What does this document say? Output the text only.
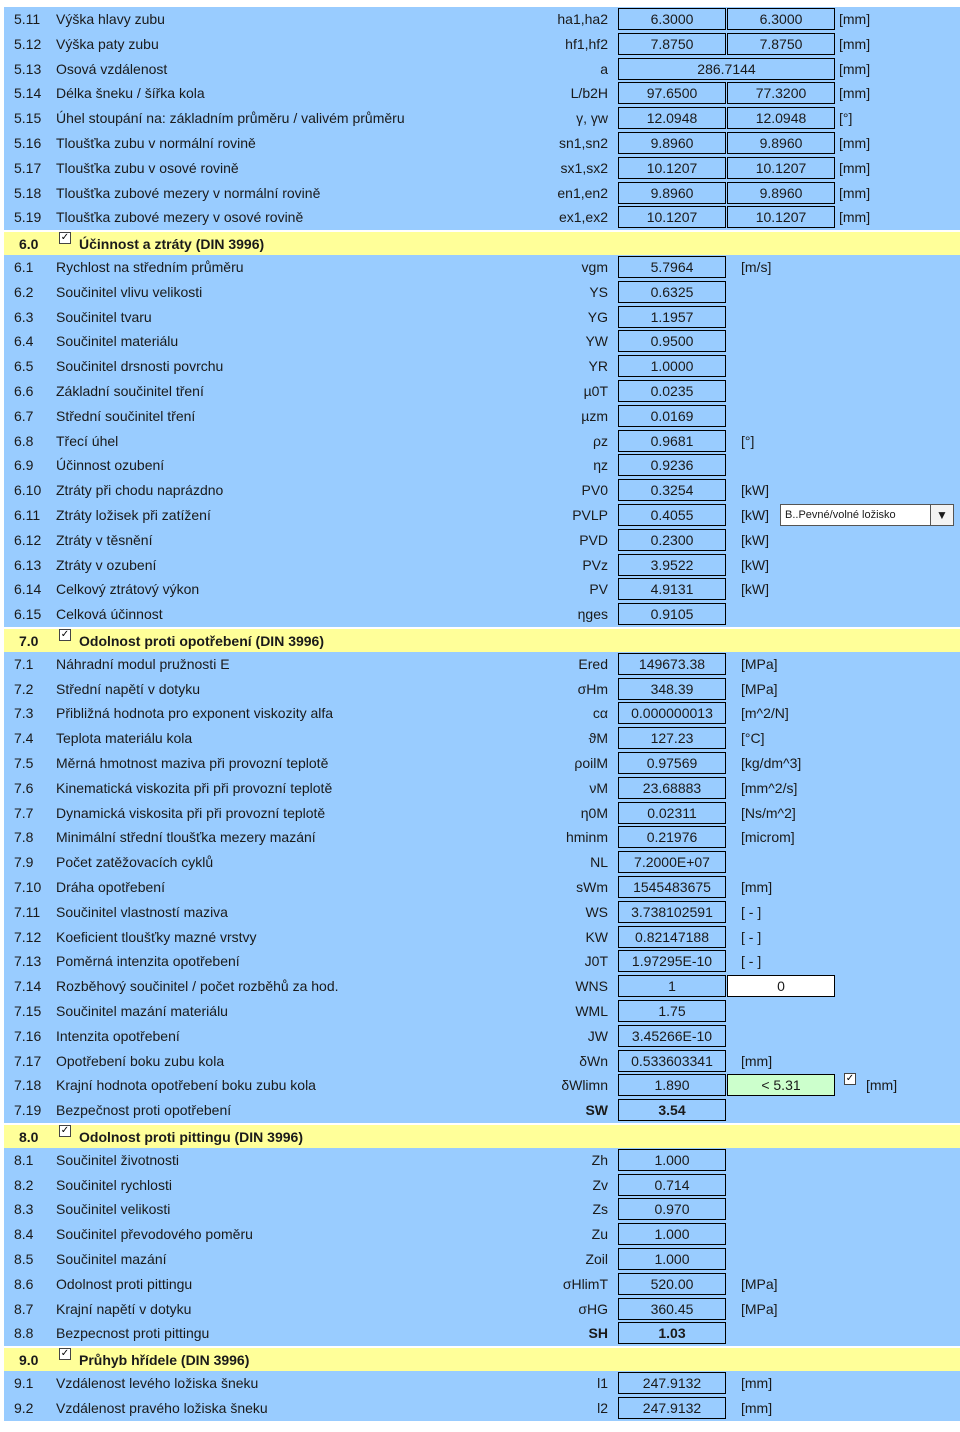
5.11	Výška hlavy zubu	ha1,ha2	6.3000	6.3000	[mm]
5.12	Výška paty zubu	hf1,hf2	7.8750	7.8750	[mm]
5.13	Osová vzdálenost	a	286.7144	[mm]
5.14	Délka šneku / šířka kola	L/b2H	97.6500	77.3200	[mm]
5.15	Úhel stoupání na: základním průměru / valivém průměru	γ, γw	12.0948	12.0948	[°]
5.16	Tloušťka zubu v normální rovině	sn1,sn2	9.8960	9.8960	[mm]
5.17	Tloušťka zubu v osové rovině	sx1,sx2	10.1207	10.1207	[mm]
5.18	Tloušťka zubové mezery v normální rovině	en1,en2	9.8960	9.8960	[mm]
5.19	Tloušťka zubové mezery v osové rovině	ex1,ex2	10.1207	10.1207	[mm]
6.0	✓ Účinnost a ztráty (DIN 3996)
6.1	Rychlost na středním průměru	vgm	5.7964	[m/s]
6.2	Součinitel vlivu velikosti	YS	0.6325
6.3	Součinitel tvaru	YG	1.1957
6.4	Součinitel materiálu	YW	0.9500
6.5	Součinitel drsnosti povrchu	YR	1.0000
6.6	Základní součinitel tření	µ0T	0.0235
6.7	Střední součinitel tření	µzm	0.0169
6.8	Třecí úhel	ρz	0.9681	[°]
6.9	Účinnost ozubení	ηz	0.9236
6.10	Ztráty při chodu naprázdno	PV0	0.3254	[kW]
6.11	Ztráty ložisek při zatížení	PVLP	0.4055	[kW]	B..Pevné/volné ložisko	▼
6.12	Ztráty v těsnění	PVD	0.2300	[kW]
6.13	Ztráty v ozubení	PVz	3.9522	[kW]
6.14	Celkový ztrátový výkon	PV	4.9131	[kW]
6.15	Celková účinnost	ηges	0.9105
7.0	✓ Odolnost proti opotřebení (DIN 3996)
7.1	Náhradní modul pružnosti E	Ered	149673.38	[MPa]
7.2	Střední napětí v dotyku	σHm	348.39	[MPa]
7.3	Přibližná hodnota pro exponent viskozity alfa	cα	0.000000013	[m^2/N]
7.4	Teplota materiálu kola	ϑM	127.23	[°C]
7.5	Měrná hmotnost maziva při provozní teplotě	ρoilM	0.97569	[kg/dm^3]
7.6	Kinematická viskozita při při provozní teplotě	νM	23.68883	[mm^2/s]
7.7	Dynamická viskosita při při provozní teplotě	η0M	0.02311	[Ns/m^2]
7.8	Minimální střední tloušťka mezery mazání	hminm	0.21976	[microm]
7.9	Počet zatěžovacích cyklů	NL	7.2000E+07
7.10	Dráha opotřebení	sWm	1545483675	[mm]
7.11	Součinitel vlastností maziva	WS	3.738102591	[ - ]
7.12	Koeficient tloušťky mazné vrstvy	KW	0.82147188	[ - ]
7.13	Poměrná intenzita opotřebení	J0T	1.97295E-10	[ - ]
7.14	Rozběhový součinitel / počet rozběhů za hod.	WNS	1	0
7.15	Součinitel mazání materiálu	WML	1.75
7.16	Intenzita opotřebení	JW	3.45266E-10
7.17	Opotřebení boku zubu kola	δWn	0.533603341	[mm]
7.18	Krajní hodnota opotřebení boku zubu kola	δWlimn	1.890	< 5.31	✓ [mm]
7.19	Bezpečnost proti opotřebení	SW	3.54
8.0	✓ Odolnost proti pittingu (DIN 3996)
8.1	Součinitel životnosti	Zh	1.000
8.2	Součinitel rychlosti	Zv	0.714
8.3	Součinitel velikosti	Zs	0.970
8.4	Součinitel převodového poměru	Zu	1.000
8.5	Součinitel mazání	Zoil	1.000
8.6	Odolnost proti pittingu	σHlimT	520.00	[MPa]
8.7	Krajní napětí v dotyku	σHG	360.45	[MPa]
8.8	Bezpecnost proti pittingu	SH	1.03
9.0	✓ Průhyb hřídele (DIN 3996)
9.1	Vzdálenost levého ložiska šneku	l1	247.9132	[mm]
9.2	Vzdálenost pravého ložiska šneku	l2	247.9132	[mm]
